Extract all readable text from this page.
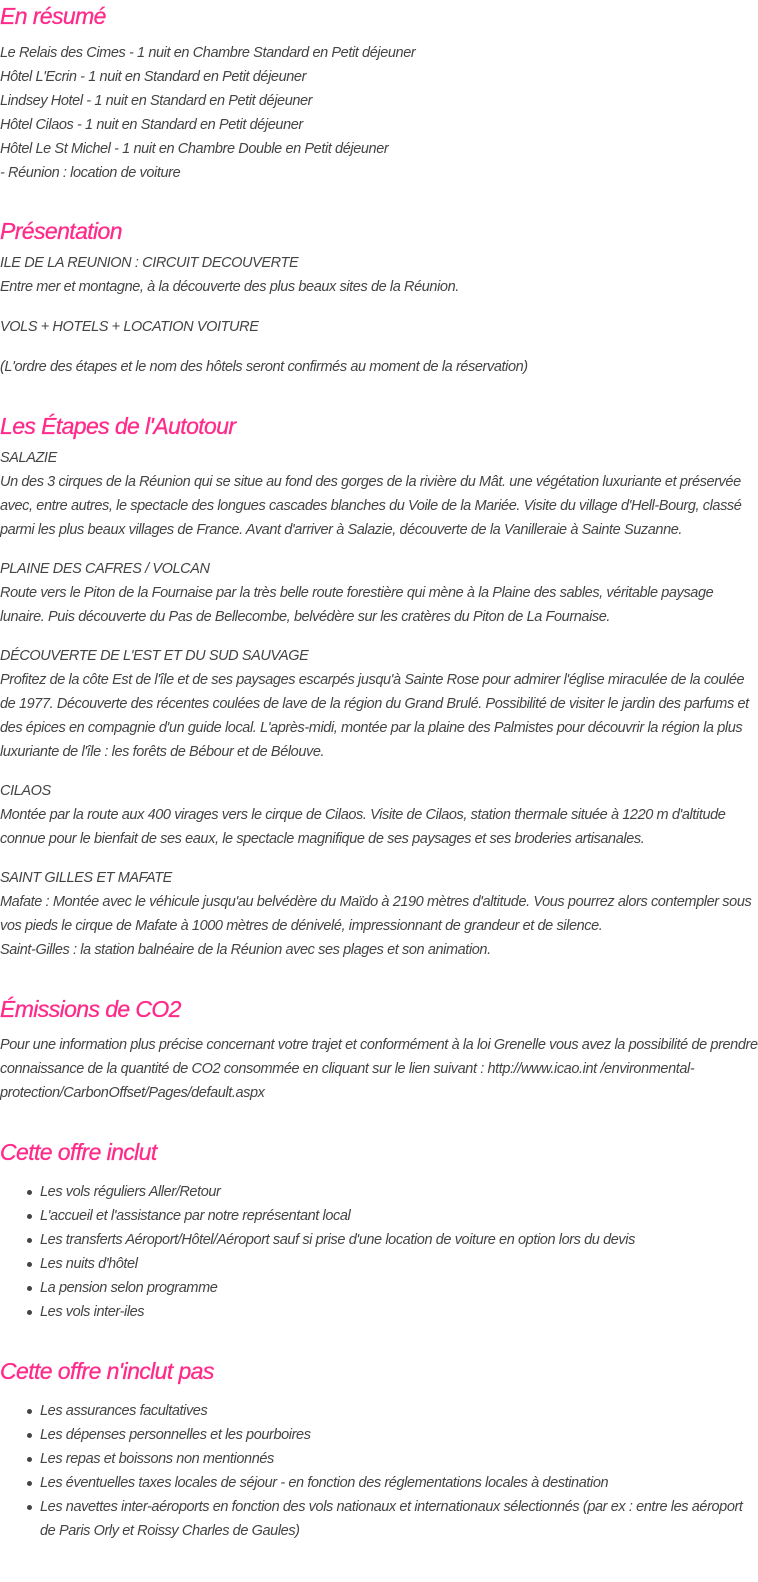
En résumé
Le Relais des Cimes - 1 nuit en Chambre Standard en Petit déjeuner
Hôtel L'Ecrin - 1 nuit en Standard en Petit déjeuner
Lindsey Hotel - 1 nuit en Standard en Petit déjeuner
Hôtel Cilaos - 1 nuit en Standard en Petit déjeuner
Hôtel Le St Michel - 1 nuit en Chambre Double en Petit déjeuner
- Réunion : location de voiture
Présentation
ILE DE LA REUNION : CIRCUIT DECOUVERTE
Entre mer et montagne, à la découverte des plus beaux sites de la Réunion.
VOLS + HOTELS + LOCATION VOITURE
(L'ordre des étapes et le nom des hôtels seront confirmés au moment de la réservation)
Les Étapes de l'Autotour
SALAZIE
Un des 3 cirques de la Réunion qui se situe au fond des gorges de la rivière du Mât. une végétation luxuriante et préservée avec, entre autres, le spectacle des longues cascades blanches du Voile de la Mariée. Visite du village d'Hell-Bourg, classé parmi les plus beaux villages de France. Avant d'arriver à Salazie, découverte de la Vanilleraie à Sainte Suzanne.
PLAINE DES CAFRES / VOLCAN
Route vers le Piton de la Fournaise par la très belle route forestière qui mène à la Plaine des sables, véritable paysage lunaire. Puis découverte du Pas de Bellecombe, belvédère sur les cratères du Piton de La Fournaise.
DÉCOUVERTE DE L'EST ET DU SUD SAUVAGE
Profitez de la côte Est de l'île et de ses paysages escarpés jusqu'à Sainte Rose pour admirer l'église miraculée de la coulée de 1977. Découverte des récentes coulées de lave de la région du Grand Brulé. Possibilité de visiter le jardin des parfums et des épices en compagnie d'un guide local. L'après-midi, montée par la plaine des Palmistes pour découvrir la région la plus luxuriante de l'île : les forêts de Bébour et de Bélouve.
CILAOS
Montée par la route aux 400 virages vers le cirque de Cilaos. Visite de Cilaos, station thermale située à 1220 m d'altitude connue pour le bienfait de ses eaux, le spectacle magnifique de ses paysages et ses broderies artisanales.
SAINT GILLES ET MAFATE
Mafate : Montée avec le véhicule jusqu'au belvédère du Maïdo à 2190 mètres d'altitude. Vous pourrez alors contempler sous vos pieds le cirque de Mafate à 1000 mètres de dénivelé, impressionnant de grandeur et de silence.
Saint-Gilles : la station balnéaire de la Réunion avec ses plages et son animation.
Émissions de CO2
Pour une information plus précise concernant votre trajet et conformément à la loi Grenelle vous avez la possibilité de prendre connaissance de la quantité de CO2 consommée en cliquant sur le lien suivant : http://www.icao.int /environmental-protection/CarbonOffset/Pages/default.aspx
Cette offre inclut
Les vols réguliers Aller/Retour
L'accueil et l'assistance par notre représentant local
Les transferts Aéroport/Hôtel/Aéroport sauf si prise d'une location de voiture en option lors du devis
Les nuits d'hôtel
La pension selon programme
Les vols inter-iles
Cette offre n'inclut pas
Les assurances facultatives
Les dépenses personnelles et les pourboires
Les repas et boissons non mentionnés
Les éventuelles taxes locales de séjour - en fonction des réglementations locales à destination
Les navettes inter-aéroports en fonction des vols nationaux et internationaux sélectionnés (par ex : entre les aéroport de Paris Orly et Roissy Charles de Gaules)
